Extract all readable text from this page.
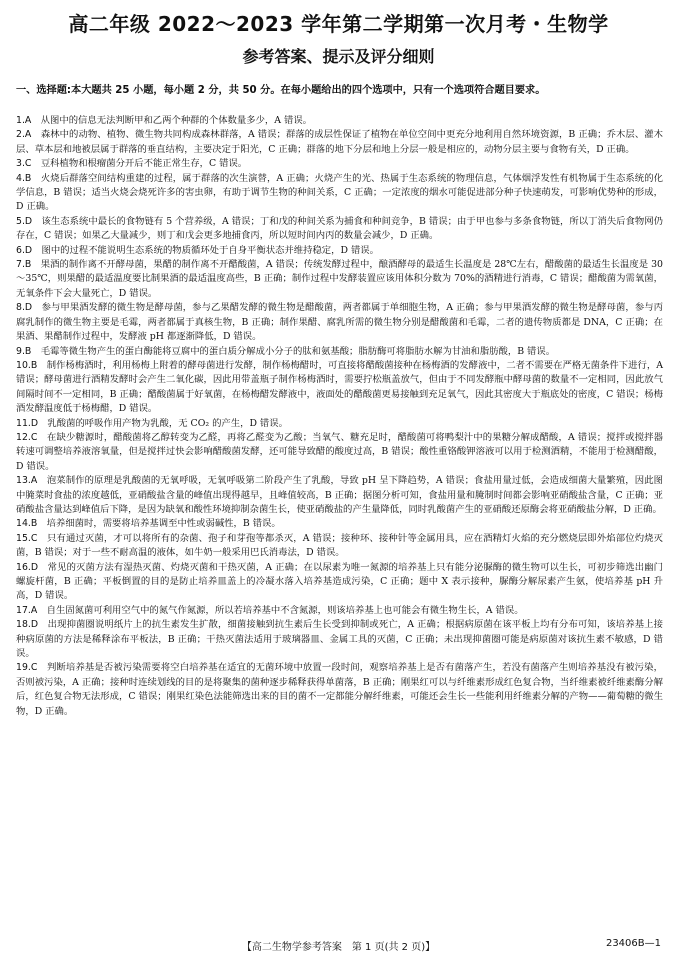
高二年级 2022～2023 学年第二学期第一次月考・生物学
参考答案、提示及评分细则
一、选择题:本大题共 25 小题，每小题 2 分，共 50 分。在每小题给出的四个选项中，只有一个选项符合题目要求。

1.A　 从图中的信息无法判断甲和乙两个种群的个体数量多少，A 错误。

2.A　 森林中的动物、植物、微生物共同构成森林群落，A 错误；群落的成层性保证了植物在单位空间中更充分地利用自然环境资源，B 正确；乔木层、灌木层、草本层和地被层属于群落的垂直结构，主要决定于阳光，C 正确；群落的地下分层和地上分层一般是相应的，动物分层主要与食物有关，D 正确。

3.C　 豆科植物和根瘤菌分开后不能正常生存，C 错误。

4.B　 火烧后群落空间结构重建的过程，属于群落的次生演替，A 正确；火烧产生的光、热属于生态系统的物理信息，气体烟浮发性有机物属于生态系统的化学信息，B 错误；适当火烧会烧死许多的害虫卵，有助于调节生物的种间关系，C 正确；一定浓度的烟水可能促进部分种子快速萌发，可影响优势种的形成，D 正确。

5.D　 该生态系统中最长的食物链有 5 个营养级，A 错误；丁和戊的种间关系为捕食和种间竞争，B 错误；由于甲也参与多条食物链，所以丁消失后食物网仍存在，C 错误；如果乙大量减少，则丁和戊会更多地捕食丙，所以短时间内丙的数量会减少，D 正确。

6.D　 图中的过程不能说明生态系统的物质循环处于自身平衡状态并维持稳定，D 错误。

7.B　 果酒的制作离不开酵母菌，果醋的制作离不开醋酸菌，A 错误；传统发酵过程中，酿酒酵母的最适生长温度是 28℃左右，醋酸菌的最适生长温度是 30～35℃，则果醋的最适温度要比制果酒的最适温度高些，B 正确；制作过程中发酵装置应该用体积分数为 70%的酒精进行消毒，C 错误；醋酸菌为需氧菌，无氧条件下会大量死亡，D 错误。

8.D　 参与甲果酒发酵的微生物是酵母菌，参与乙果醋发酵的微生物是醋酸菌，两者都属于单细胞生物，A 正确；参与甲果酒发酵的微生物是酵母菌，参与丙腐乳制作的微生物主要是毛霉，两者都属于真核生物，B 正确；制作果醋、腐乳所需的微生物分别是醋酸菌和毛霉，二者的遗传物质都是 DNA，C 正确；在果酒、果醋制作过程中，发酵液 pH 都逐渐降低，D 错误。

9.B　 毛霉等微生物产生的蛋白酶能将豆腐中的蛋白质分解成小分子的肽和氨基酸；脂肪酶可将脂肪水解为甘油和脂肪酸，B 错误。

10.B　 制作杨梅酒时，利用杨梅上附着的酵母菌进行发酵，制作杨梅醋时，可直接将醋酸菌接种在杨梅酒的发酵液中，二者不需要在严格无菌条件下进行，A 错误；酵母菌进行酒精发酵时会产生二氧化碳，因此用带盖瓶子制作杨梅酒时，需要拧松瓶盖放气，但由于不同发酵瓶中酵母菌的数量不一定相同，因此放气间隔时间不一定相同，B 正确；醋酸菌属于好氧菌，在杨梅醋发酵液中，液面处的醋酸菌更易接触到充足氧气，因此其密度大于瓶底处的密度，C 错误；杨梅酒发酵温度低于杨梅醋，D 错误。

11.D　 乳酸菌的呼吸作用产物为乳酸，无 CO₂ 的产生，D 错误。

12.C　 在缺少糖源时，醋酸菌将乙醇转变为乙醛，再将乙醛变为乙酸；当氧气、糖充足时，醋酸菌可将鸭梨汁中的果糖分解成醋酸，A 错误；搅拌或搅拌器转速可调整培养液溶氧量，但是搅拌过快会影响醋酸菌发酵，还可能导致醋的酸度过高，B 错误；酸性重铬酸钾溶液可以用于检测酒精，不能用于检测醋酸，D 错误。

13.A　 泡菜制作的原理是乳酸菌的无氧呼吸，无氧呼吸第二阶段产生了乳酸，导致 pH 呈下降趋势，A 错误；食盐用量过低，会造成细菌大量繁殖，因此图中腌菜时食盐的浓度越低，亚硝酸盐含量的峰值出现得越早，且峰值较高，B 正确；据图分析可知，食盐用量和腌制时间都会影响亚硝酸盐含量，C 正确；亚硝酸盐含量达到峰值后下降，是因为缺氧和酸性环境抑制杂菌生长，使亚硝酸盐的产生量降低，同时乳酸菌产生的亚硝酸还原酶会将亚硝酸盐分解，D 正确。

14.B　 培养细菌时，需要将培养基调至中性或弱碱性，B 错误。

15.C　 只有通过灭菌，才可以将所有的杂菌、孢子和芽孢等都杀灭，A 错误；接种环、接种针等金属用具，应在酒精灯火焰的充分燃烧层即外焰部位灼烧灭菌，B 错误；对于一些不耐高温的液体，如牛奶一般采用巴氏消毒法，D 错误。

16.D　 常见的灭菌方法有湿热灭菌、灼烧灭菌和干热灭菌，A 正确；在以尿素为唯一氮源的培养基上只有能分泌脲酶的微生物可以生长，可初步筛选出幽门螺旋杆菌，B 正确；平板倒置的目的是防止培养皿盖上的冷凝水落入培养基造成污染，C 正确；题中 X 表示接种，脲酶分解尿素产生氨，使培养基 pH 升高，D 错误。

17.A　 自生固氮菌可利用空气中的氮气作氮源，所以若培养基中不含氮源，则该培养基上也可能会有微生物生长，A 错误。

18.D　 出现抑菌圈说明纸片上的抗生素发生扩散，细菌接触到抗生素后生长受到抑制或死亡，A 正确；根据病原菌在该平板上均有分布可知，该培养基上接种病原菌的方法是稀释涂布平板法，B 正确；干热灭菌法适用于玻璃器皿、金属工具的灭菌，C 正确；未出现抑菌圈可能是病原菌对该抗生素不敏感，D 错误。

19.C　 判断培养基是否被污染需要将空白培养基在适宜的无菌环境中放置一段时间，观察培养基上是否有菌落产生，若没有菌落产生则培养基没有被污染，否则被污染，A 正确；接种时连续划线的目的是将聚集的菌种逐步稀释获得单菌落，B 正确；刚果红可以与纤维素形成红色复合物，当纤维素被纤维素酶分解后，红色复合物无法形成，C 错误；刚果红染色法能筛选出来的目的菌不一定都能分解纤维素，可能还会生长一些能利用纤维素分解的产物——葡萄糖的微生物，D 正确。

【高二生物学参考答案　第 1 页(共 2 页)】	23406B—1
